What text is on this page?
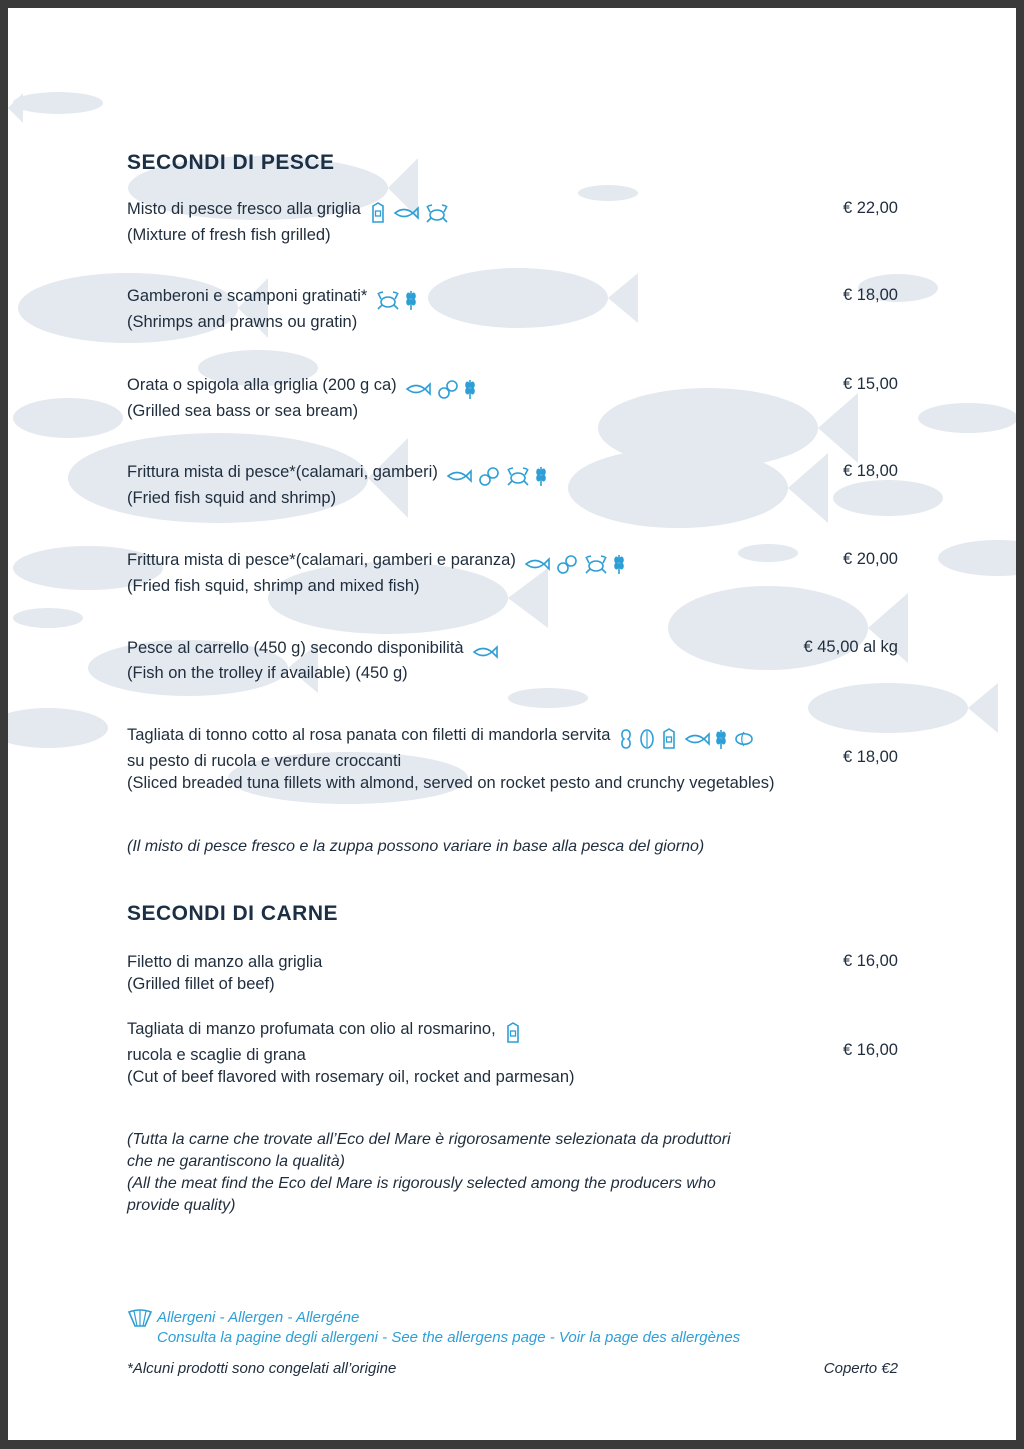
SECONDI DI PESCE
Misto di pesce fresco alla griglia
(Mixture of fresh fish grilled)
€ 22,00
Gamberoni e scamponi gratinati*
(Shrimps and prawns ou gratin)
€ 18,00
Orata o spigola alla griglia (200 g ca)
(Grilled sea bass or sea bream)
€ 15,00
Frittura mista di pesce*(calamari, gamberi)
(Fried fish squid and shrimp)
€ 18,00
Frittura mista di pesce*(calamari, gamberi e paranza)
(Fried fish squid, shrimp and mixed fish)
€ 20,00
Pesce al carrello (450 g) secondo disponibilità
(Fish on the trolley if available) (450 g)
€ 45,00 al kg
Tagliata di tonno cotto al rosa panata con filetti di mandorla servita
su pesto di rucola e verdure croccanti
(Sliced breaded tuna fillets with almond, served on rocket pesto and crunchy vegetables)
€ 18,00
(Il misto di pesce fresco e la zuppa possono variare in base alla pesca del giorno)
SECONDI DI CARNE
Filetto di manzo alla griglia
(Grilled fillet of beef)
€ 16,00
Tagliata di manzo profumata con olio al rosmarino,
rucola e scaglie di grana
(Cut of beef flavored with rosemary oil, rocket and parmesan)
€ 16,00
(Tutta la carne che trovate all’Eco del Mare è rigorosamente selezionata da produttori
che ne garantiscono la qualità)
(All the meat find the Eco del Mare is rigorously selected among the producers who
provide quality)
Allergeni - Allergen - Allergéne
Consulta la pagine degli allergeni - See the allergens page - Voir la page des allergènes
*Alcuni prodotti sono congelati all’origine	Coperto €2
